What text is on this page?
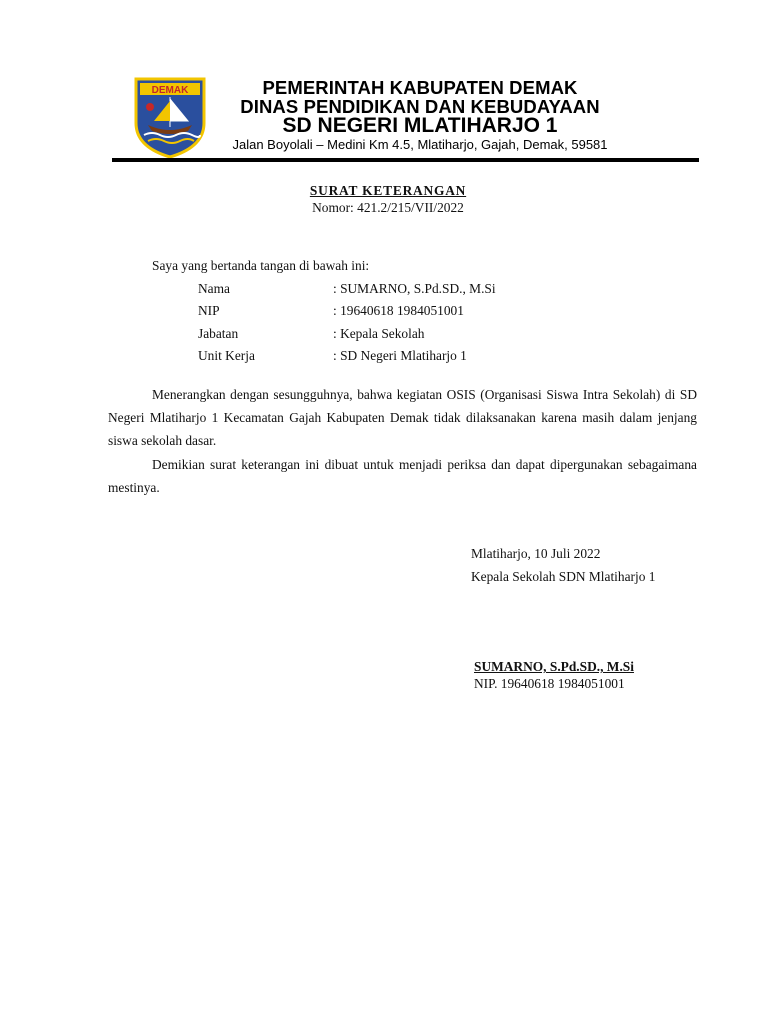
DEMAK	PEMERINTAH KABUPATEN DEMAK
DINAS PENDIDIKAN DAN KEBUDAYAAN
SD NEGERI MLATIHARJO 1
Jalan Boyolali – Medini Km 4.5, Mlatiharjo, Gajah, Demak, 59581
SURAT KETERANGAN
Nomor: 421.2/215/VII/2022
Saya yang bertanda tangan di bawah ini:
Nama	: SUMARNO, S.Pd.SD., M.Si
NIP	: 19640618 1984051001
Jabatan	: Kepala Sekolah
Unit Kerja	: SD Negeri Mlatiharjo 1

Menerangkan dengan sesungguhnya, bahwa kegiatan OSIS (Organisasi Siswa Intra Sekolah) di SD Negeri Mlatiharjo 1 Kecamatan Gajah Kabupaten Demak tidak dilaksanakan karena masih dalam jenjang siswa sekolah dasar.

Demikian surat keterangan ini dibuat untuk menjadi periksa dan dapat dipergunakan sebagaimana mestinya.

Mlatiharjo, 10 Juli 2022
Kepala Sekolah SDN Mlatiharjo 1
SUMARNO, S.Pd.SD., M.Si
NIP. 19640618 1984051001
